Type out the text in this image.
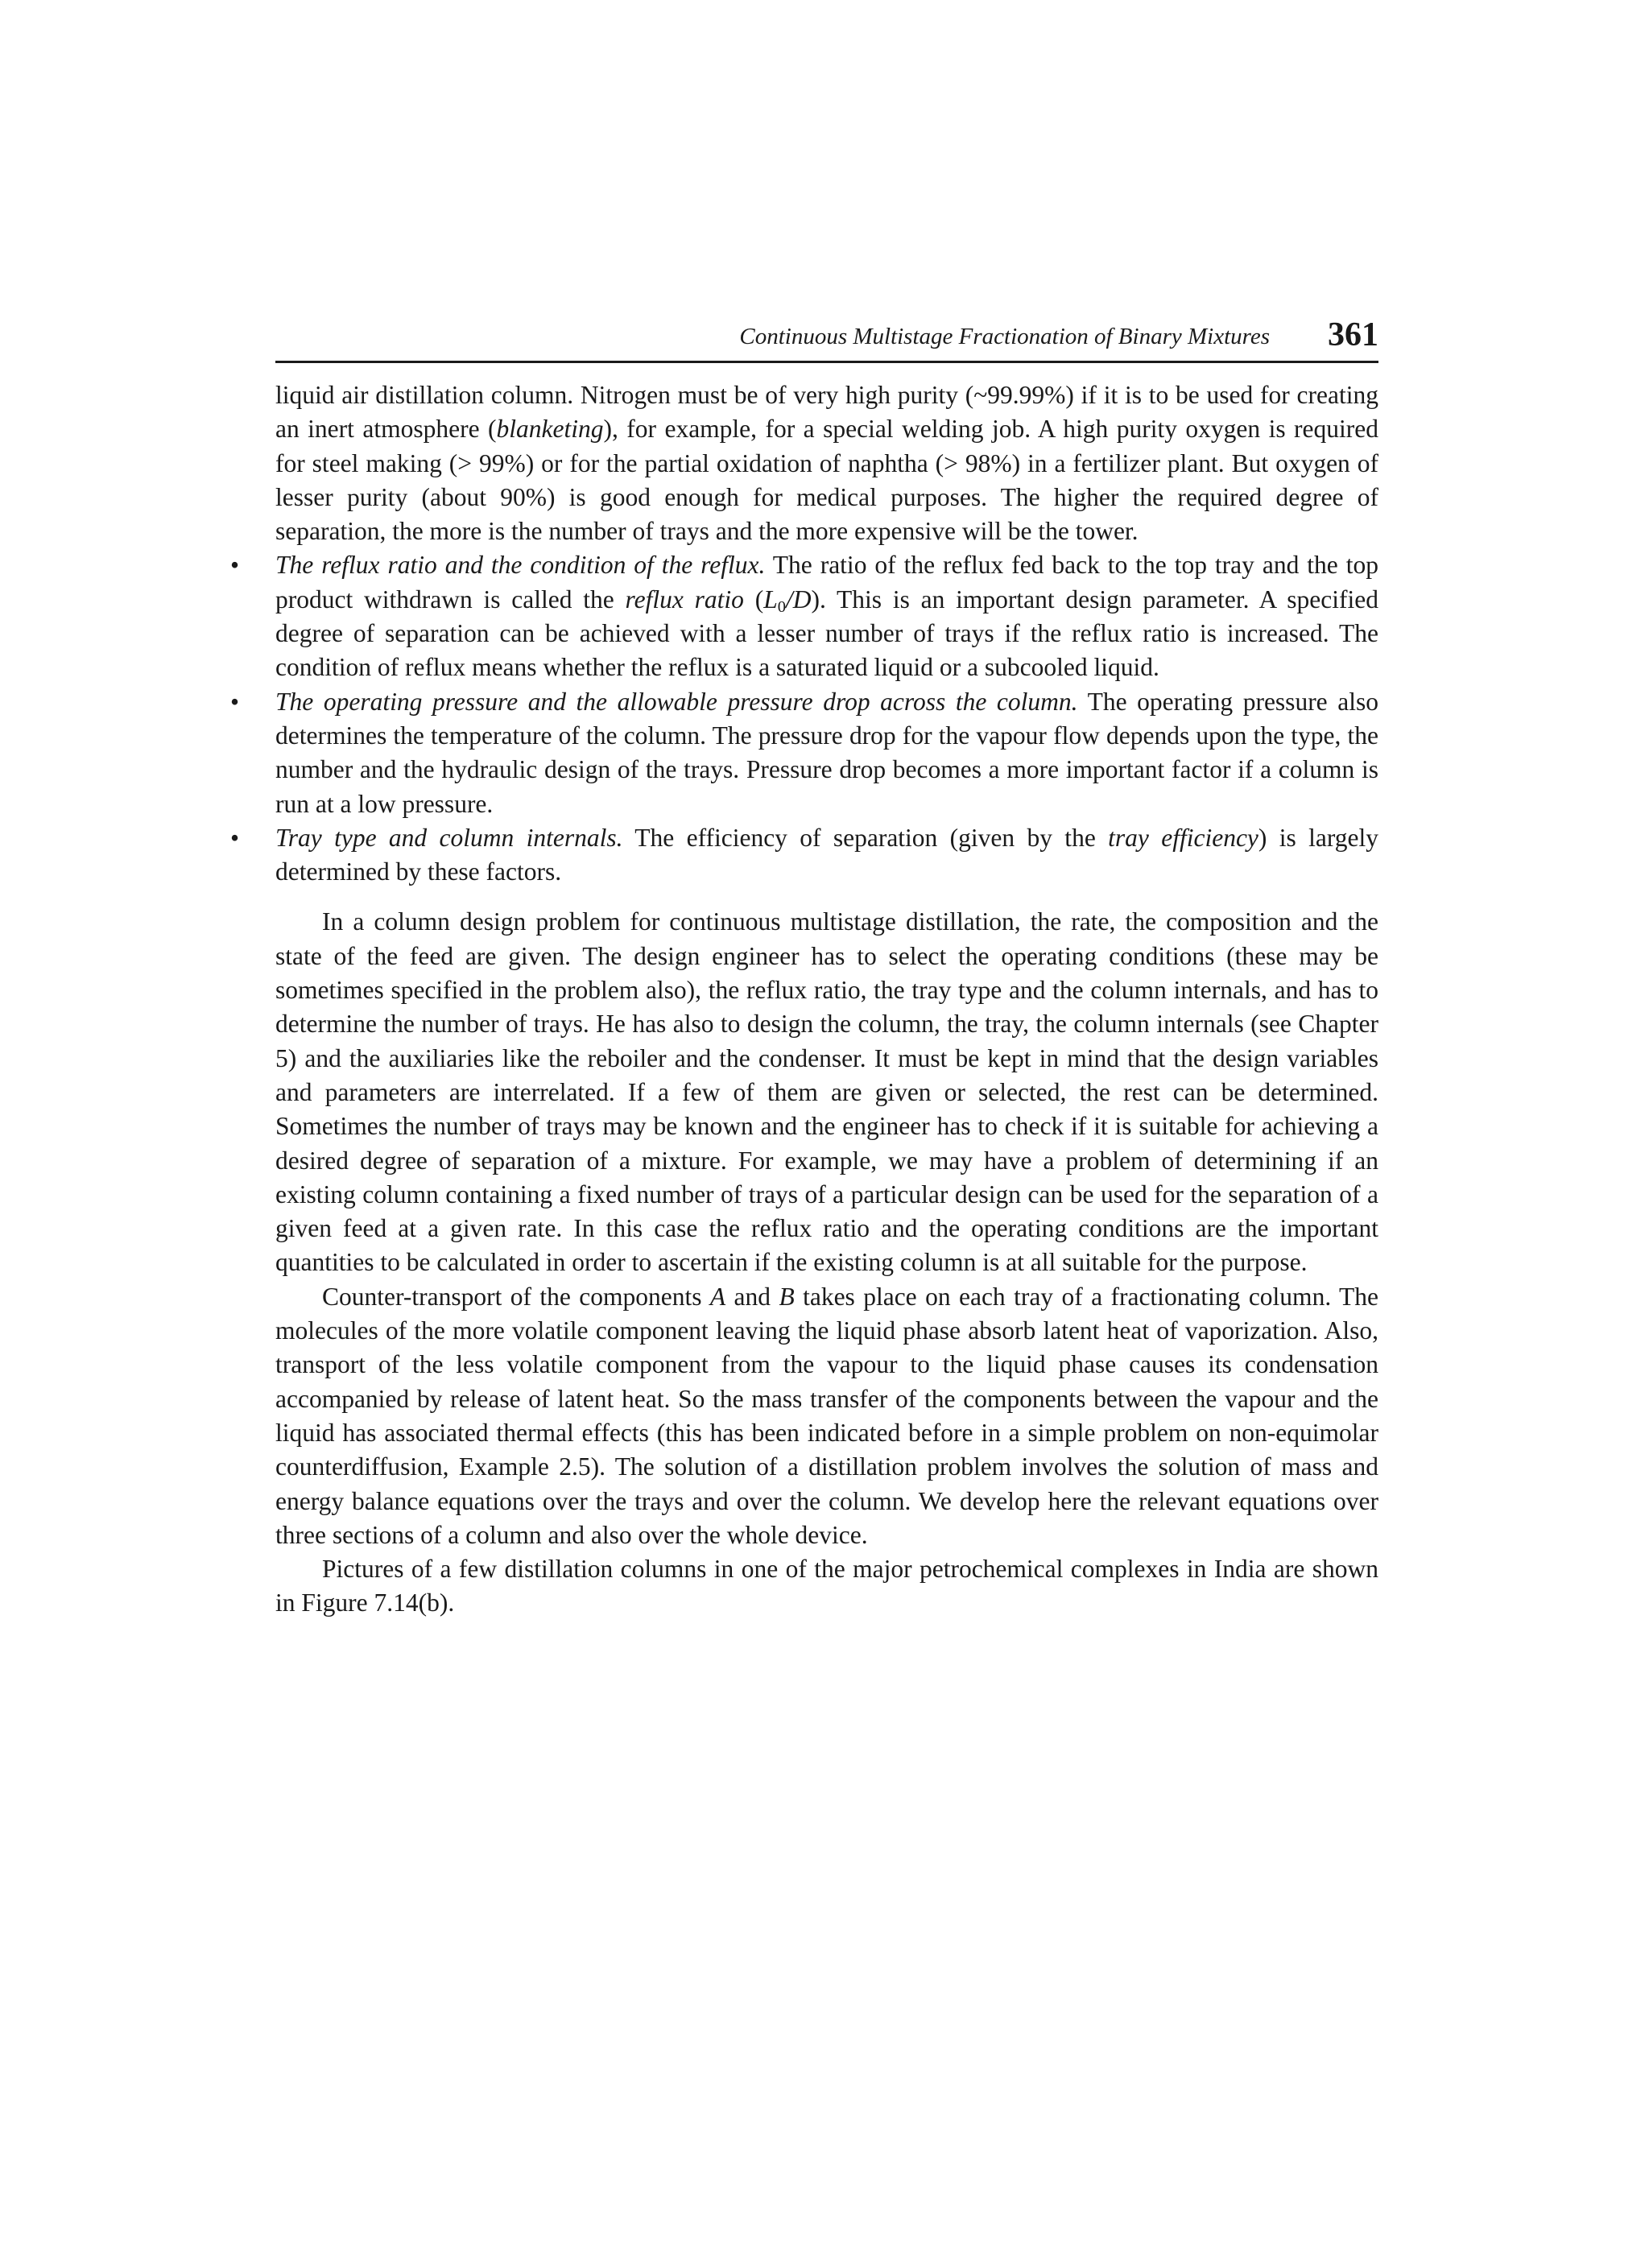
Continuous Multistage Fractionation of Binary Mixtures 361

liquid air distillation column. Nitrogen must be of very high purity (~99.99%) if it is to be used for creating an inert atmosphere (blanketing), for example, for a special welding job. A high purity oxygen is required for steel making (> 99%) or for the partial oxidation of naphtha (> 98%) in a fertilizer plant. But oxygen of lesser purity (about 90%) is good enough for medical purposes. The higher the required degree of separation, the more is the number of trays and the more expensive will be the tower.

• The reflux ratio and the condition of the reflux. The ratio of the reflux fed back to the top tray and the top product withdrawn is called the reflux ratio $(L_0/D)$. This is an important design parameter. A specified degree of separation can be achieved with a lesser number of trays if the reflux ratio is increased. The condition of reflux means whether the reflux is a saturated liquid or a subcooled liquid.

• The operating pressure and the allowable pressure drop across the column. The operating pressure also determines the temperature of the column. The pressure drop for the vapour flow depends upon the type, the number and the hydraulic design of the trays. Pressure drop becomes a more important factor if a column is run at a low pressure.

• Tray type and column internals. The efficiency of separation (given by the tray efficiency) is largely determined by these factors.

In a column design problem for continuous multistage distillation, the rate, the composition and the state of the feed are given. The design engineer has to select the operating conditions (these may be sometimes specified in the problem also), the reflux ratio, the tray type and the column internals, and has to determine the number of trays. He has also to design the column, the tray, the column internals (see Chapter 5) and the auxiliaries like the reboiler and the condenser. It must be kept in mind that the design variables and parameters are interrelated. If a few of them are given or selected, the rest can be determined. Sometimes the number of trays may be known and the engineer has to check if it is suitable for achieving a desired degree of separation of a mixture. For example, we may have a problem of determining if an existing column containing a fixed number of trays of a particular design can be used for the separation of a given feed at a given rate. In this case the reflux ratio and the operating conditions are the important quantities to be calculated in order to ascertain if the existing column is at all suitable for the purpose.

Counter-transport of the components A and B takes place on each tray of a fractionating column. The molecules of the more volatile component leaving the liquid phase absorb latent heat of vaporization. Also, transport of the less volatile component from the vapour to the liquid phase causes its condensation accompanied by release of latent heat. So the mass transfer of the components between the vapour and the liquid has associated thermal effects (this has been indicated before in a simple problem on non-equimolar counterdiffusion, Example 2.5). The solution of a distillation problem involves the solution of mass and energy balance equations over the trays and over the column. We develop here the relevant equations over three sections of a column and also over the whole device.

Pictures of a few distillation columns in one of the major petrochemical complexes in India are shown in Figure 7.14(b).
